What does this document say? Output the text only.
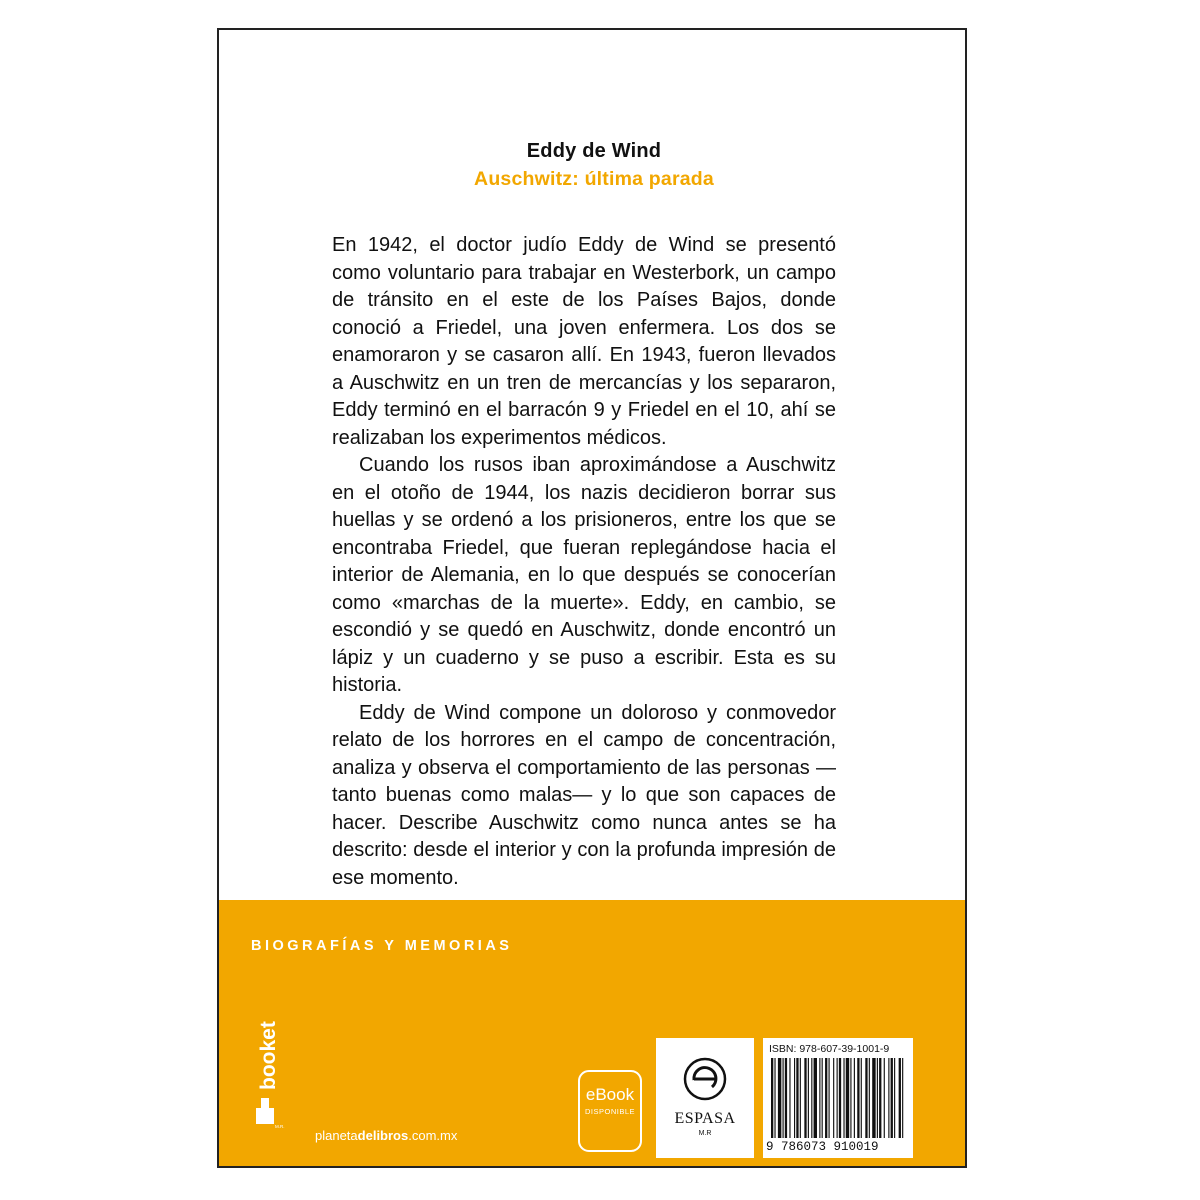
Eddy de Wind
Auschwitz: última parada

En 1942, el doctor judío Eddy de Wind se presentó como voluntario para trabajar en Westerbork, un campo de tránsito en el este de los Países Bajos, donde conoció a Friedel, una joven enfermera. Los dos se enamoraron y se casaron allí. En 1943, fueron llevados a Auschwitz en un tren de mercancías y los separaron, Eddy terminó en el barracón 9 y Friedel en el 10, ahí se realizaban los experimentos médicos.

Cuando los rusos iban aproximándose a Auschwitz en el otoño de 1944, los nazis decidieron borrar sus huellas y se ordenó a los prisioneros, entre los que se encontraba Friedel, que fueran replegándose hacia el interior de Alemania, en lo que después se conocerían como «marchas de la muerte». Eddy, en cambio, se escondió y se quedó en Auschwitz, donde encontró un lápiz y un cuaderno y se puso a escribir. Esta es su historia.

Eddy de Wind compone un doloroso y conmovedor relato de los horrores en el campo de concentración, analiza y observa el comportamiento de las personas —tanto buenas como malas— y lo que son capaces de hacer. Describe Auschwitz como nunca antes se ha descrito: desde el interior y con la profunda impresión de ese momento.

BIOGRAFÍAS Y MEMORIAS
booket
M.R.
planetadelibros.com.mx
eBook
DISPONIBLE	ESPASA
M.R
ISBN: 978-607-39-1001-9
9 786073 910019
